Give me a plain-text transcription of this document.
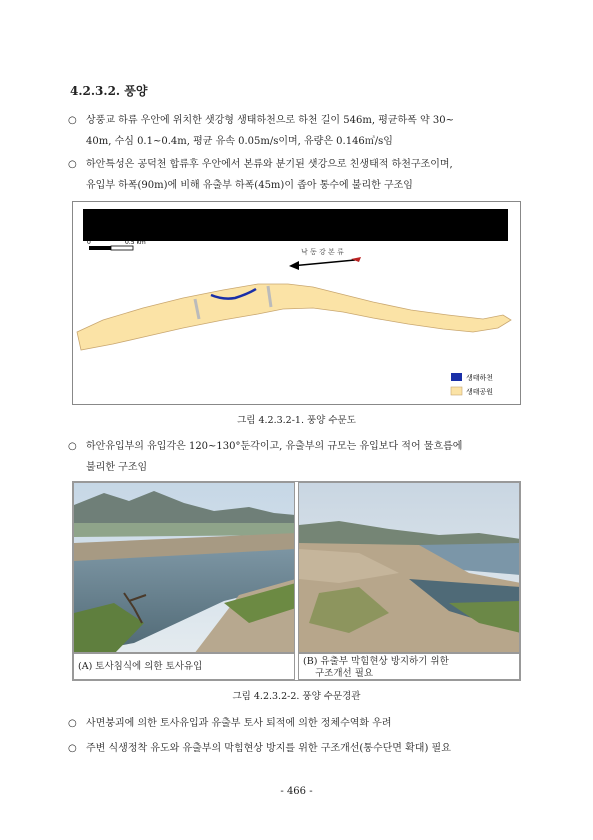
4.2.3.2. 풍양
○ 상풍교 하류 우안에 위치한 샛강형 생태하천으로 하천 길이 546m, 평균하폭 약 30~
40m, 수심 0.1~0.4m, 평균 유속 0.05m/s이며, 유량은 0.146㎥/s임
○ 하안특성은 공덕천 합류후 우안에서 본류와 분기된 샛강으로 친생태적 하천구조이며,
유입부 하폭(90m)에 비해 유출부 하폭(45m)이 좁아 통수에 불리한 구조임
0	0.5 km
낙 동 강 본 류
생태하천
생태공원
그림 4.2.3.2-1. 풍양 수문도
○ 하안유입부의 유입각은 120~130°둔각이고, 유출부의 규모는 유입보다 적어 물흐름에
불리한 구조임
(A) 토사침식에 의한 토사유입	(B) 유출부 막힘현상 방지하기 위한
구조개선 필요
그림 4.2.3.2-2. 풍양 수문경관
○ 사면붕괴에 의한 토사유입과 유출부 토사 퇴적에 의한 정체수역화 우려
○ 주변 식생정착 유도와 유출부의 막힘현상 방지를 위한 구조개선(통수단면 확대) 필요
- 466 -
